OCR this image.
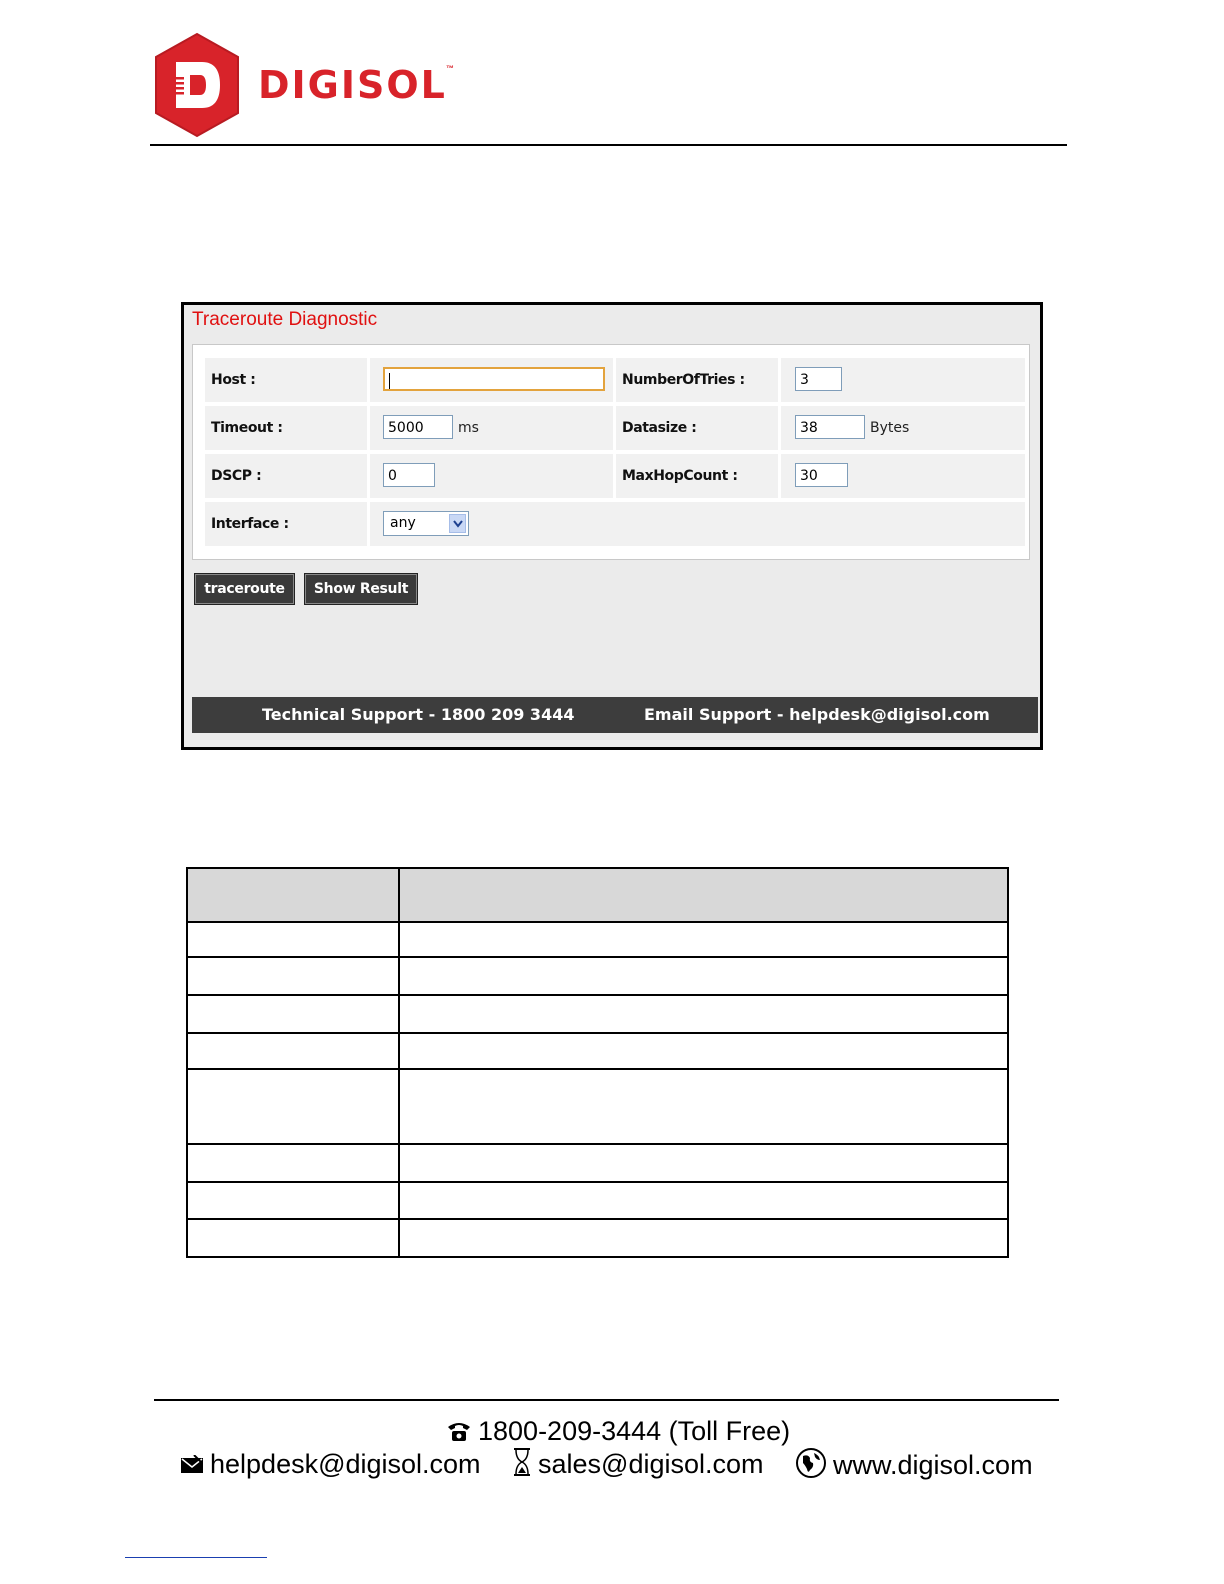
DIGISOL ™
Traceroute Diagnostic
Host :	NumberOfTries :	3
Timeout :	5000	ms	Datasize :	38	Bytes
DSCP :	0	MaxHopCount :	30
Interface :	any
traceroute	Show Result
Technical Support - 1800 209 3444	Email Support - helpdesk@digisol.com
1800-209-3444 (Toll Free)
helpdesk@digisol.com	sales@digisol.com	www.digisol.com
